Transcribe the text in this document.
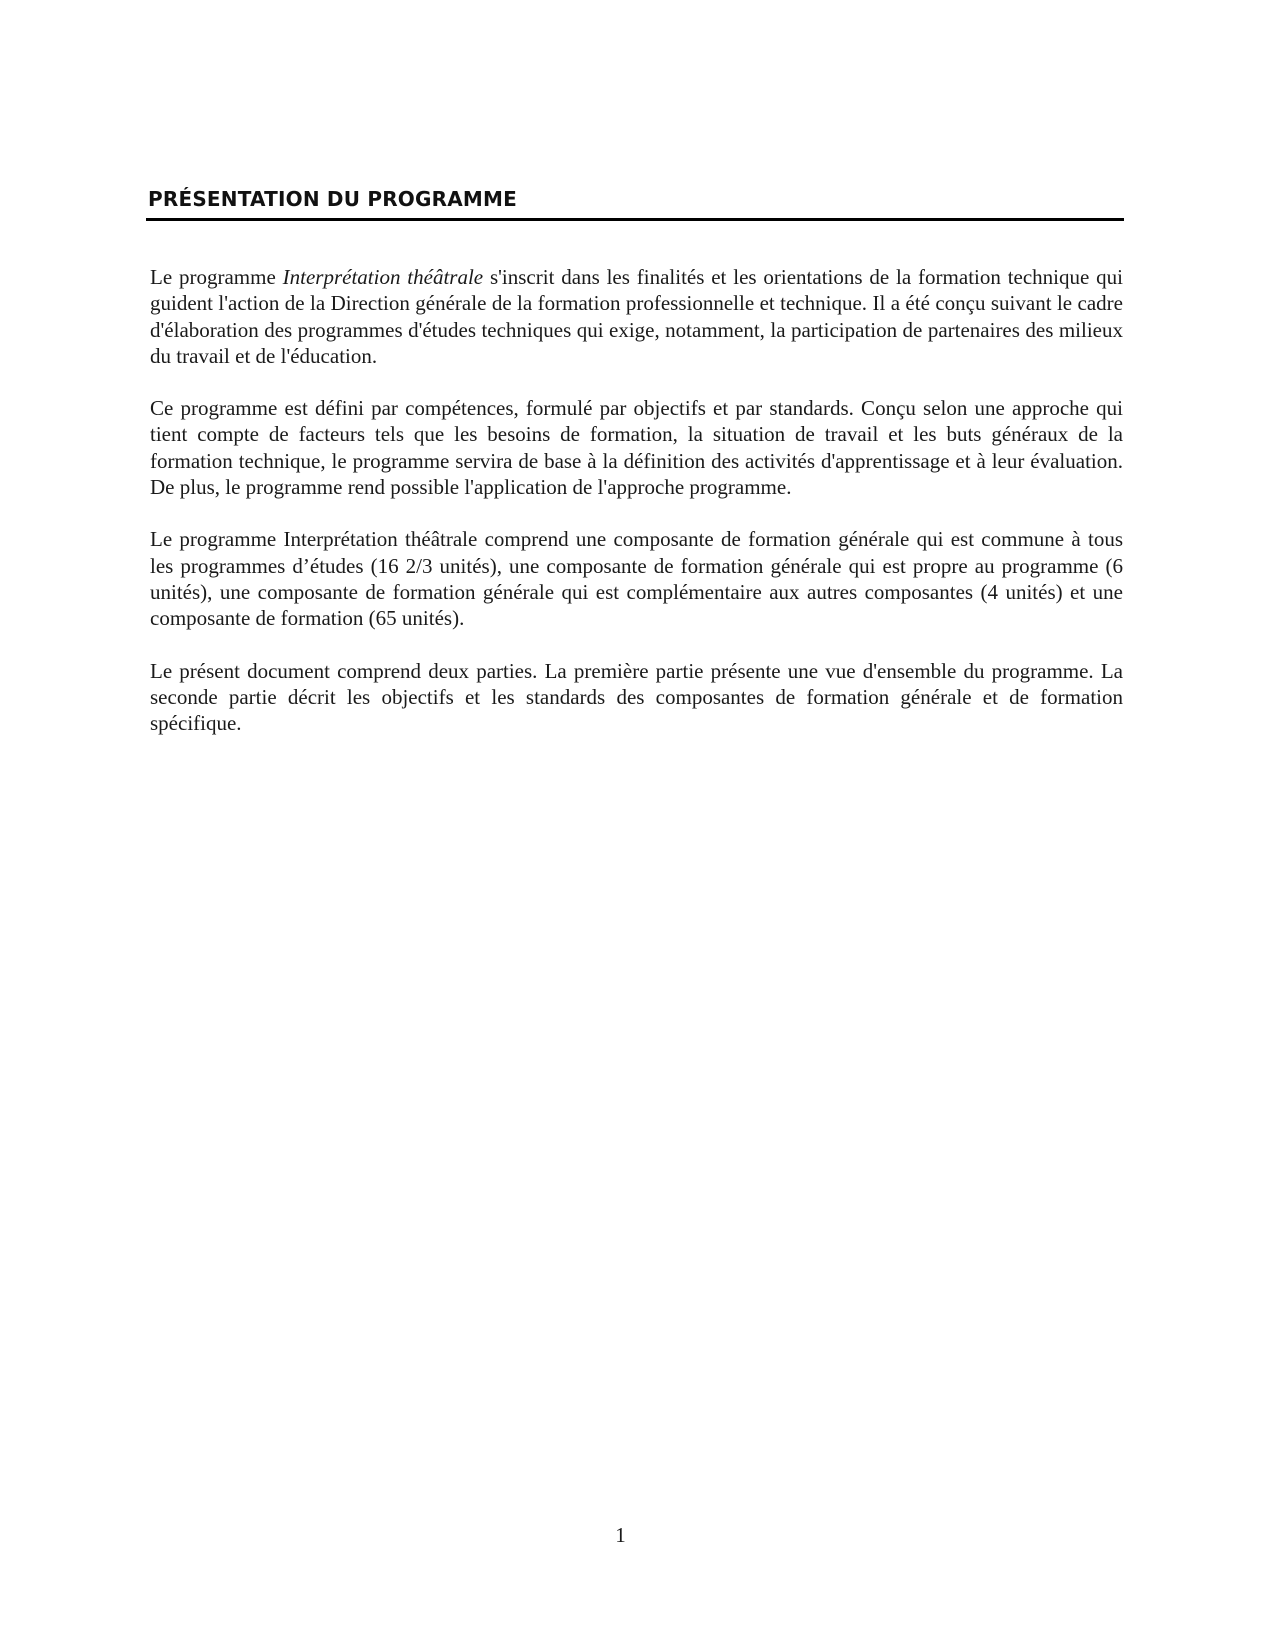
PRÉSENTATION DU PROGRAMME

Le programme Interprétation théâtrale s'inscrit dans les finalités et les orientations de la formation technique qui guident l'action de la Direction générale de la formation professionnelle et technique. Il a été conçu suivant le cadre d'élaboration des programmes d'études techniques qui exige, notamment, la participation de partenaires des milieux du travail et de l'éducation.

Ce programme est défini par compétences, formulé par objectifs et par standards. Conçu selon une approche qui tient compte de facteurs tels que les besoins de formation, la situation de travail et les buts généraux de la formation technique, le programme servira de base à la définition des activités d'apprentissage et à leur évaluation. De plus, le programme rend possible l'application de l'approche programme.

Le programme Interprétation théâtrale comprend une composante de formation générale qui est commune à tous les programmes d’études (16 2/3 unités), une composante de formation générale qui est propre au programme (6 unités), une composante de formation générale qui est complémentaire aux autres composantes (4 unités) et une composante de formation (65 unités).

Le présent document comprend deux parties. La première partie présente une vue d'ensemble du programme. La seconde partie décrit les objectifs et les standards des composantes de formation générale et de formation spécifique.

1
